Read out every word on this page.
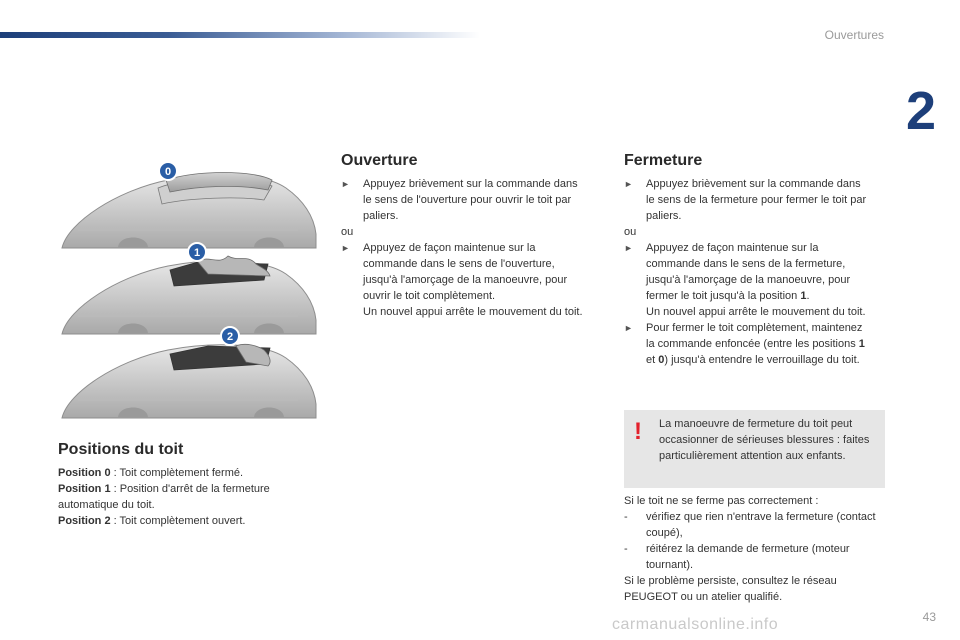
Ouvertures
2
0
1
2
Positions du toit
Position 0 : Toit complètement fermé.
Position 1 : Position d'arrêt de la fermeture automatique du toit.
Position 2 : Toit complètement ouvert.
Ouverture
► Appuyez brièvement sur la commande dans le sens de l'ouverture pour ouvrir le toit par paliers.
ou
► Appuyez de façon maintenue sur la commande dans le sens de l'ouverture, jusqu'à l'amorçage de la manoeuvre, pour ouvrir le toit complètement.
Un nouvel appui arrête le mouvement du toit.
Fermeture
► Appuyez brièvement sur la commande dans le sens de la fermeture pour fermer le toit par paliers.
ou
► Appuyez de façon maintenue sur la commande dans le sens de la fermeture, jusqu'à l'amorçage de la manoeuvre, pour fermer le toit jusqu'à la position 1.
Un nouvel appui arrête le mouvement du toit.
► Pour fermer le toit complètement, maintenez la commande enfoncée (entre les positions 1 et 0) jusqu'à entendre le verrouillage du toit.
! La manoeuvre de fermeture du toit peut occasionner de sérieuses blessures : faites particulièrement attention aux enfants.
Si le toit ne se ferme pas correctement :
- vérifiez que rien n'entrave la fermeture (contact coupé),
- réitérez la demande de fermeture (moteur tournant).
Si le problème persiste, consultez le réseau PEUGEOT ou un atelier qualifié.
43
carmanualsonline.info
